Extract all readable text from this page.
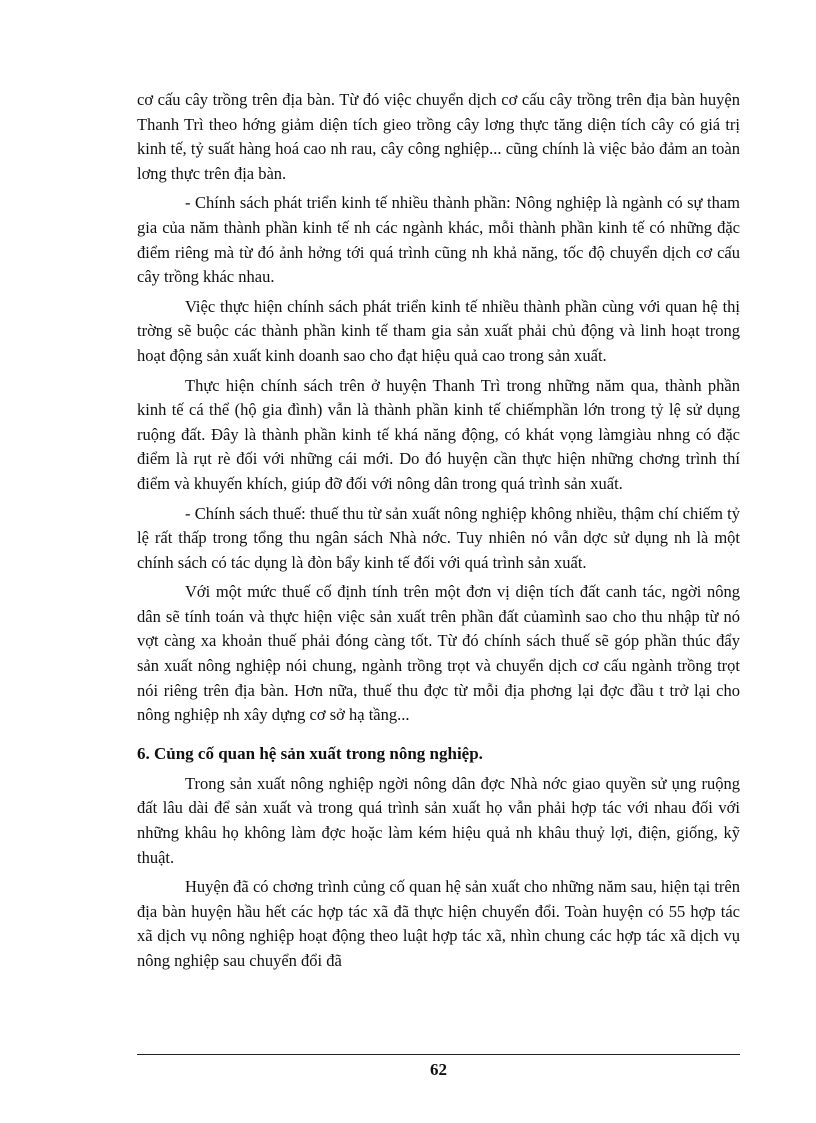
cơ cấu cây trồng trên địa bàn. Từ đó việc chuyển dịch cơ cấu cây trồng trên địa bàn huyện Thanh Trì theo hớng giảm diện tích gieo trồng cây lơng thực tăng diện tích cây có giá trị kinh tế, tỷ suất hàng hoá cao nh rau, cây công nghiệp... cũng chính là việc bảo đảm an toàn lơng thực trên địa bàn.

- Chính sách phát triển kinh tế nhiều thành phần: Nông nghiệp là ngành có sự tham gia của năm thành phần kinh tế nh các ngành khác, mỗi thành phần kinh tế có những đặc điểm riêng mà từ đó ảnh hởng tới quá trình cũng nh khả năng, tốc độ chuyển dịch cơ cấu cây trồng khác nhau.

Việc thực hiện chính sách phát triển kinh tế nhiều thành phần cùng với quan hệ thị trờng sẽ buộc các thành phần kinh tế tham gia sản xuất phải chủ động và linh hoạt trong hoạt động sản xuất kinh doanh sao cho đạt hiệu quả cao trong sản xuất.

Thực hiện chính sách trên ở huyện Thanh Trì trong những năm qua, thành phần kinh tế cá thể (hộ gia đình) vẫn là thành phần kinh tế chiếmphần lớn trong tỷ lệ sử dụng ruộng đất. Đây là thành phần kinh tế khá năng động, có khát vọng làmgiàu nhng có đặc điểm là rụt rè đối với những cái mới. Do đó huyện cần thực hiện những chơng trình thí điểm và khuyến khích, giúp đỡ đối với nông dân trong quá trình sản xuất.

- Chính sách thuế: thuế thu từ sản xuất nông nghiệp không nhiều, thậm chí chiếm tỷ lệ rất thấp trong tổng thu ngân sách Nhà nớc. Tuy nhiên nó vẫn dợc sử dụng nh là một chính sách có tác dụng là đòn bẩy kinh tế đối với quá trình sản xuất.

Với một mức thuế cố định tính trên một đơn vị diện tích đất canh tác, ngời nông dân sẽ tính toán và thực hiện việc sản xuất trên phần đất củamình sao cho thu nhập từ nó vợt càng xa khoản thuế phải đóng càng tốt. Từ đó chính sách thuế sẽ góp phần thúc đẩy sản xuất nông nghiệp nói chung, ngành trồng trọt và chuyển dịch cơ cấu ngành trồng trọt nói riêng trên địa bàn. Hơn nữa, thuế thu đợc từ mỗi địa phơng lại đợc đầu t trở lại cho nông nghiệp nh xây dựng cơ sở hạ tầng...

6. Củng cố quan hệ sản xuất trong nông nghiệp.

Trong sản xuất nông nghiệp ngời nông dân đợc Nhà nớc giao quyền sử ụng ruộng đất lâu dài để sản xuất và trong quá trình sản xuất họ vẫn phải hợp tác với nhau đối với những khâu họ không làm đợc hoặc làm kém hiệu quả nh khâu thuỷ lợi, điện, giống, kỹ thuật.

Huyện đã có chơng trình củng cố quan hệ sản xuất cho những năm sau, hiện tại trên địa bàn huyện hầu hết các hợp tác xã đã thực hiện chuyển đổi. Toàn huyện có 55 hợp tác xã dịch vụ nông nghiệp hoạt động theo luật hợp tác xã, nhìn chung các hợp tác xã dịch vụ nông nghiệp sau chuyển đổi đã

62
